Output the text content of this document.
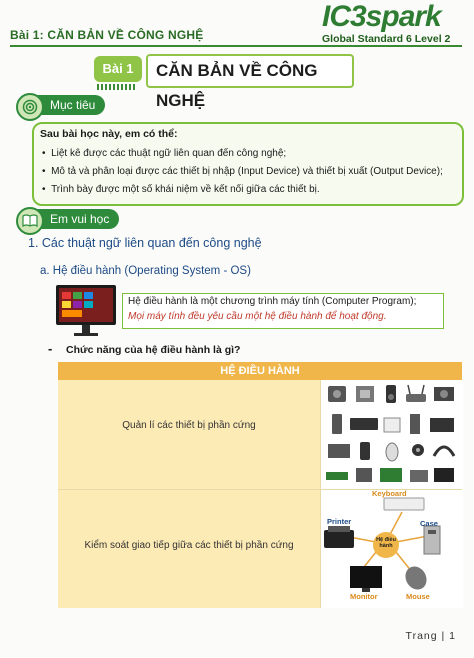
Bài 1: CĂN BẢN VỀ CÔNG NGHỆ
IC3spark
Global Standard 6 Level 2
Bài 1	CĂN BẢN VỀ CÔNG NGHỆ
Mục tiêu
Sau bài học này, em có thể:
•  Liệt kê được các thuật ngữ liên quan đến công nghệ;
•  Mô tả và phân loại được các thiết bị nhập (Input Device) và thiết bị xuất (Output Device);
•  Trình bày được một số khái niệm về kết nối giữa các thiết bị.
Em vui học
1. Các thuật ngữ liên quan đến công nghệ
a. Hệ điều hành (Operating System - OS)
Hệ điều hành là một chương trình máy tính (Computer Program);
Mọi máy tính đều yêu cầu một hệ điều hành để hoạt động.
- Chức năng của hệ điều hành là gì?
HỆ ĐIỀU HÀNH
Quản lí các thiết bị phần cứng
Kiểm soát giao tiếp giữa các thiết bị phần cứng
Keyboard
Printer	Case
Hệ điều hành
Monitor	Mouse
Trang | 1
